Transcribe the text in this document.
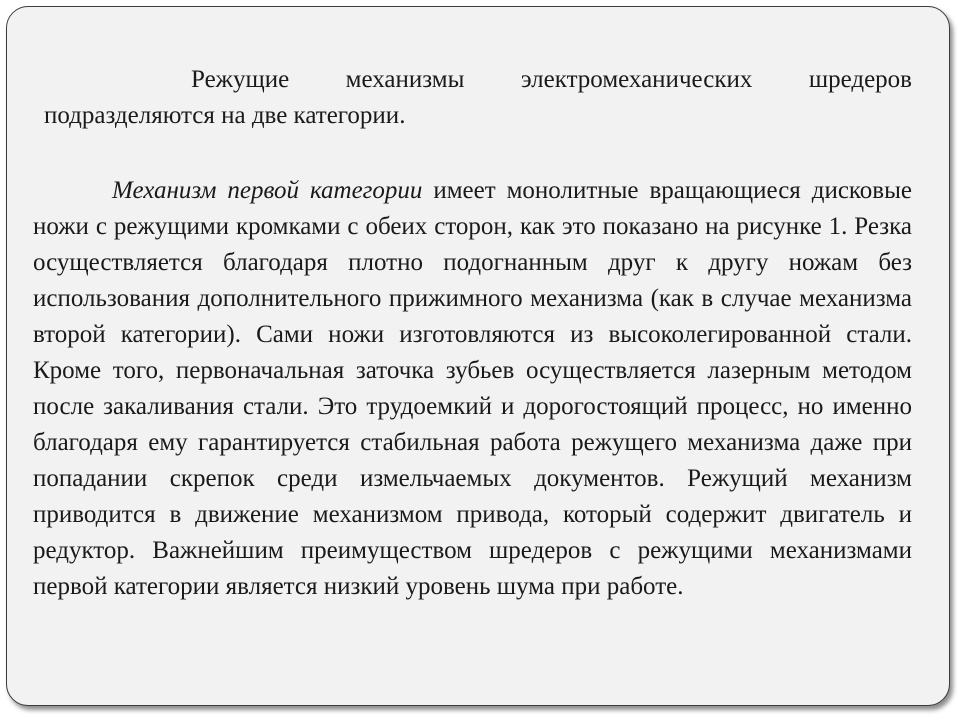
Режущие механизмы электромеханических шредеров подразделяются на две категории.

Механизм первой категории имеет монолитные вращающиеся дисковые ножи с режущими кромками с обеих сторон, как это показано на рисунке 1. Резка осуществляется благодаря плотно подогнанным друг к другу ножам без использования дополнительного прижимного механизма (как в случае механизма второй категории). Сами ножи изготовляются из высоколегированной стали. Кроме того, первоначальная заточка зубьев осуществляется лазерным методом после закаливания стали. Это трудоемкий и дорогостоящий процесс, но именно благодаря ему гарантируется стабильная работа режущего механизма даже при попадании скрепок среди измельчаемых документов. Режущий механизм приводится в движение механизмом привода, который содержит двигатель и редуктор. Важнейшим преимуществом шредеров с режущими механизмами первой категории является низкий уровень шума при работе.
